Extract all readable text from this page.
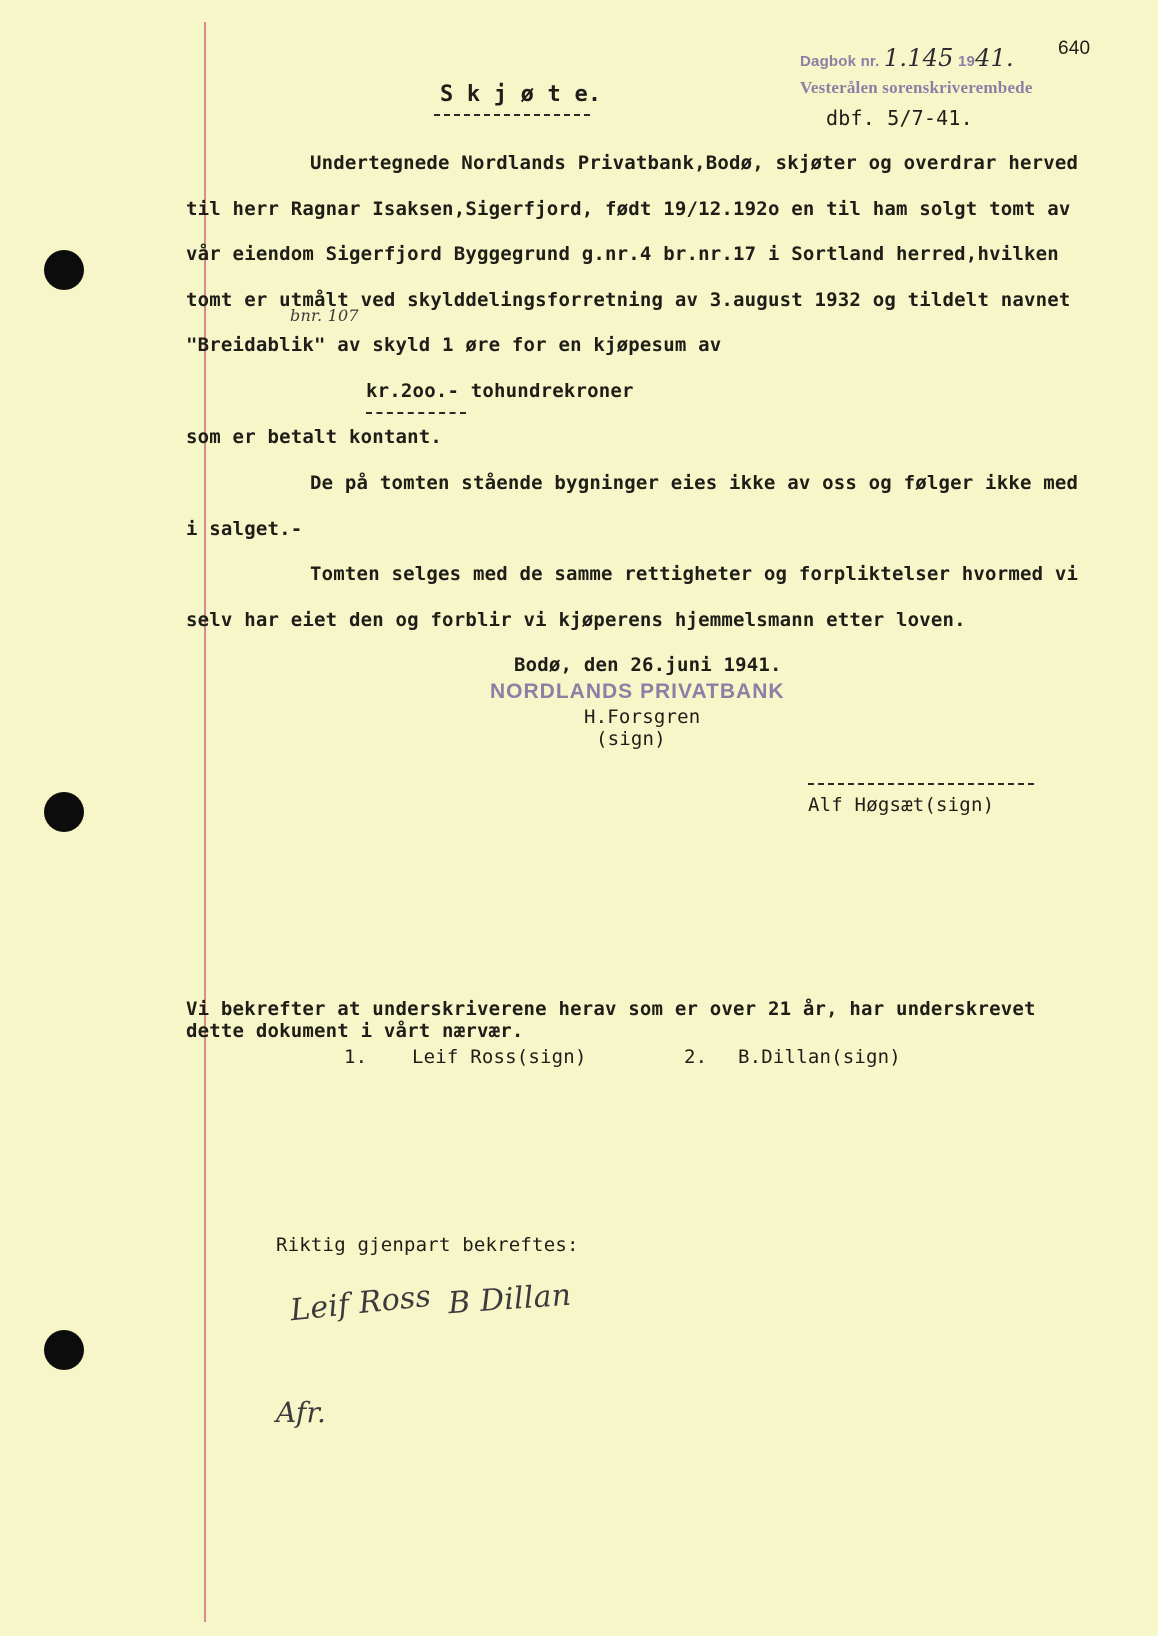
Dagbok nr. 1.145 1941. 640
Vesterålen sorenskriverembede
dbf. 5/7-41.
S k j ø t e.
Undertegnede Nordlands Privatbank,Bodø, skjøter og overdrar herved
til herr Ragnar Isaksen,Sigerfjord, født 19/12.192o en til ham solgt tomt av
vår eiendom Sigerfjord Byggegrund g.nr.4 br.nr.17 i Sortland herred,hvilken
tomt er utmålt ved skylddelingsforretning av 3.august 1932 og tildelt navnet
bnr. 107
"Breidablik" av skyld 1 øre for en kjøpesum av
kr.2oo.- tohundrekroner
som er betalt kontant.
De på tomten stående bygninger eies ikke av oss og følger ikke med
i salget.-
Tomten selges med de samme rettigheter og forpliktelser hvormed vi
selv har eiet den og forblir vi kjøperens hjemmelsmann etter loven.
Bodø, den 26.juni 1941.
NORDLANDS PRIVATBANK
H.Forsgren
(sign)
Alf Høgsæt(sign)
Vi bekrefter at underskriverene herav som er over 21 år, har underskrevet
dette dokument i vårt nærvær.
1. Leif Ross(sign)	2. B.Dillan(sign)
Riktig gjenpart bekreftes:
Leif Ross B Dillan
Afr.
